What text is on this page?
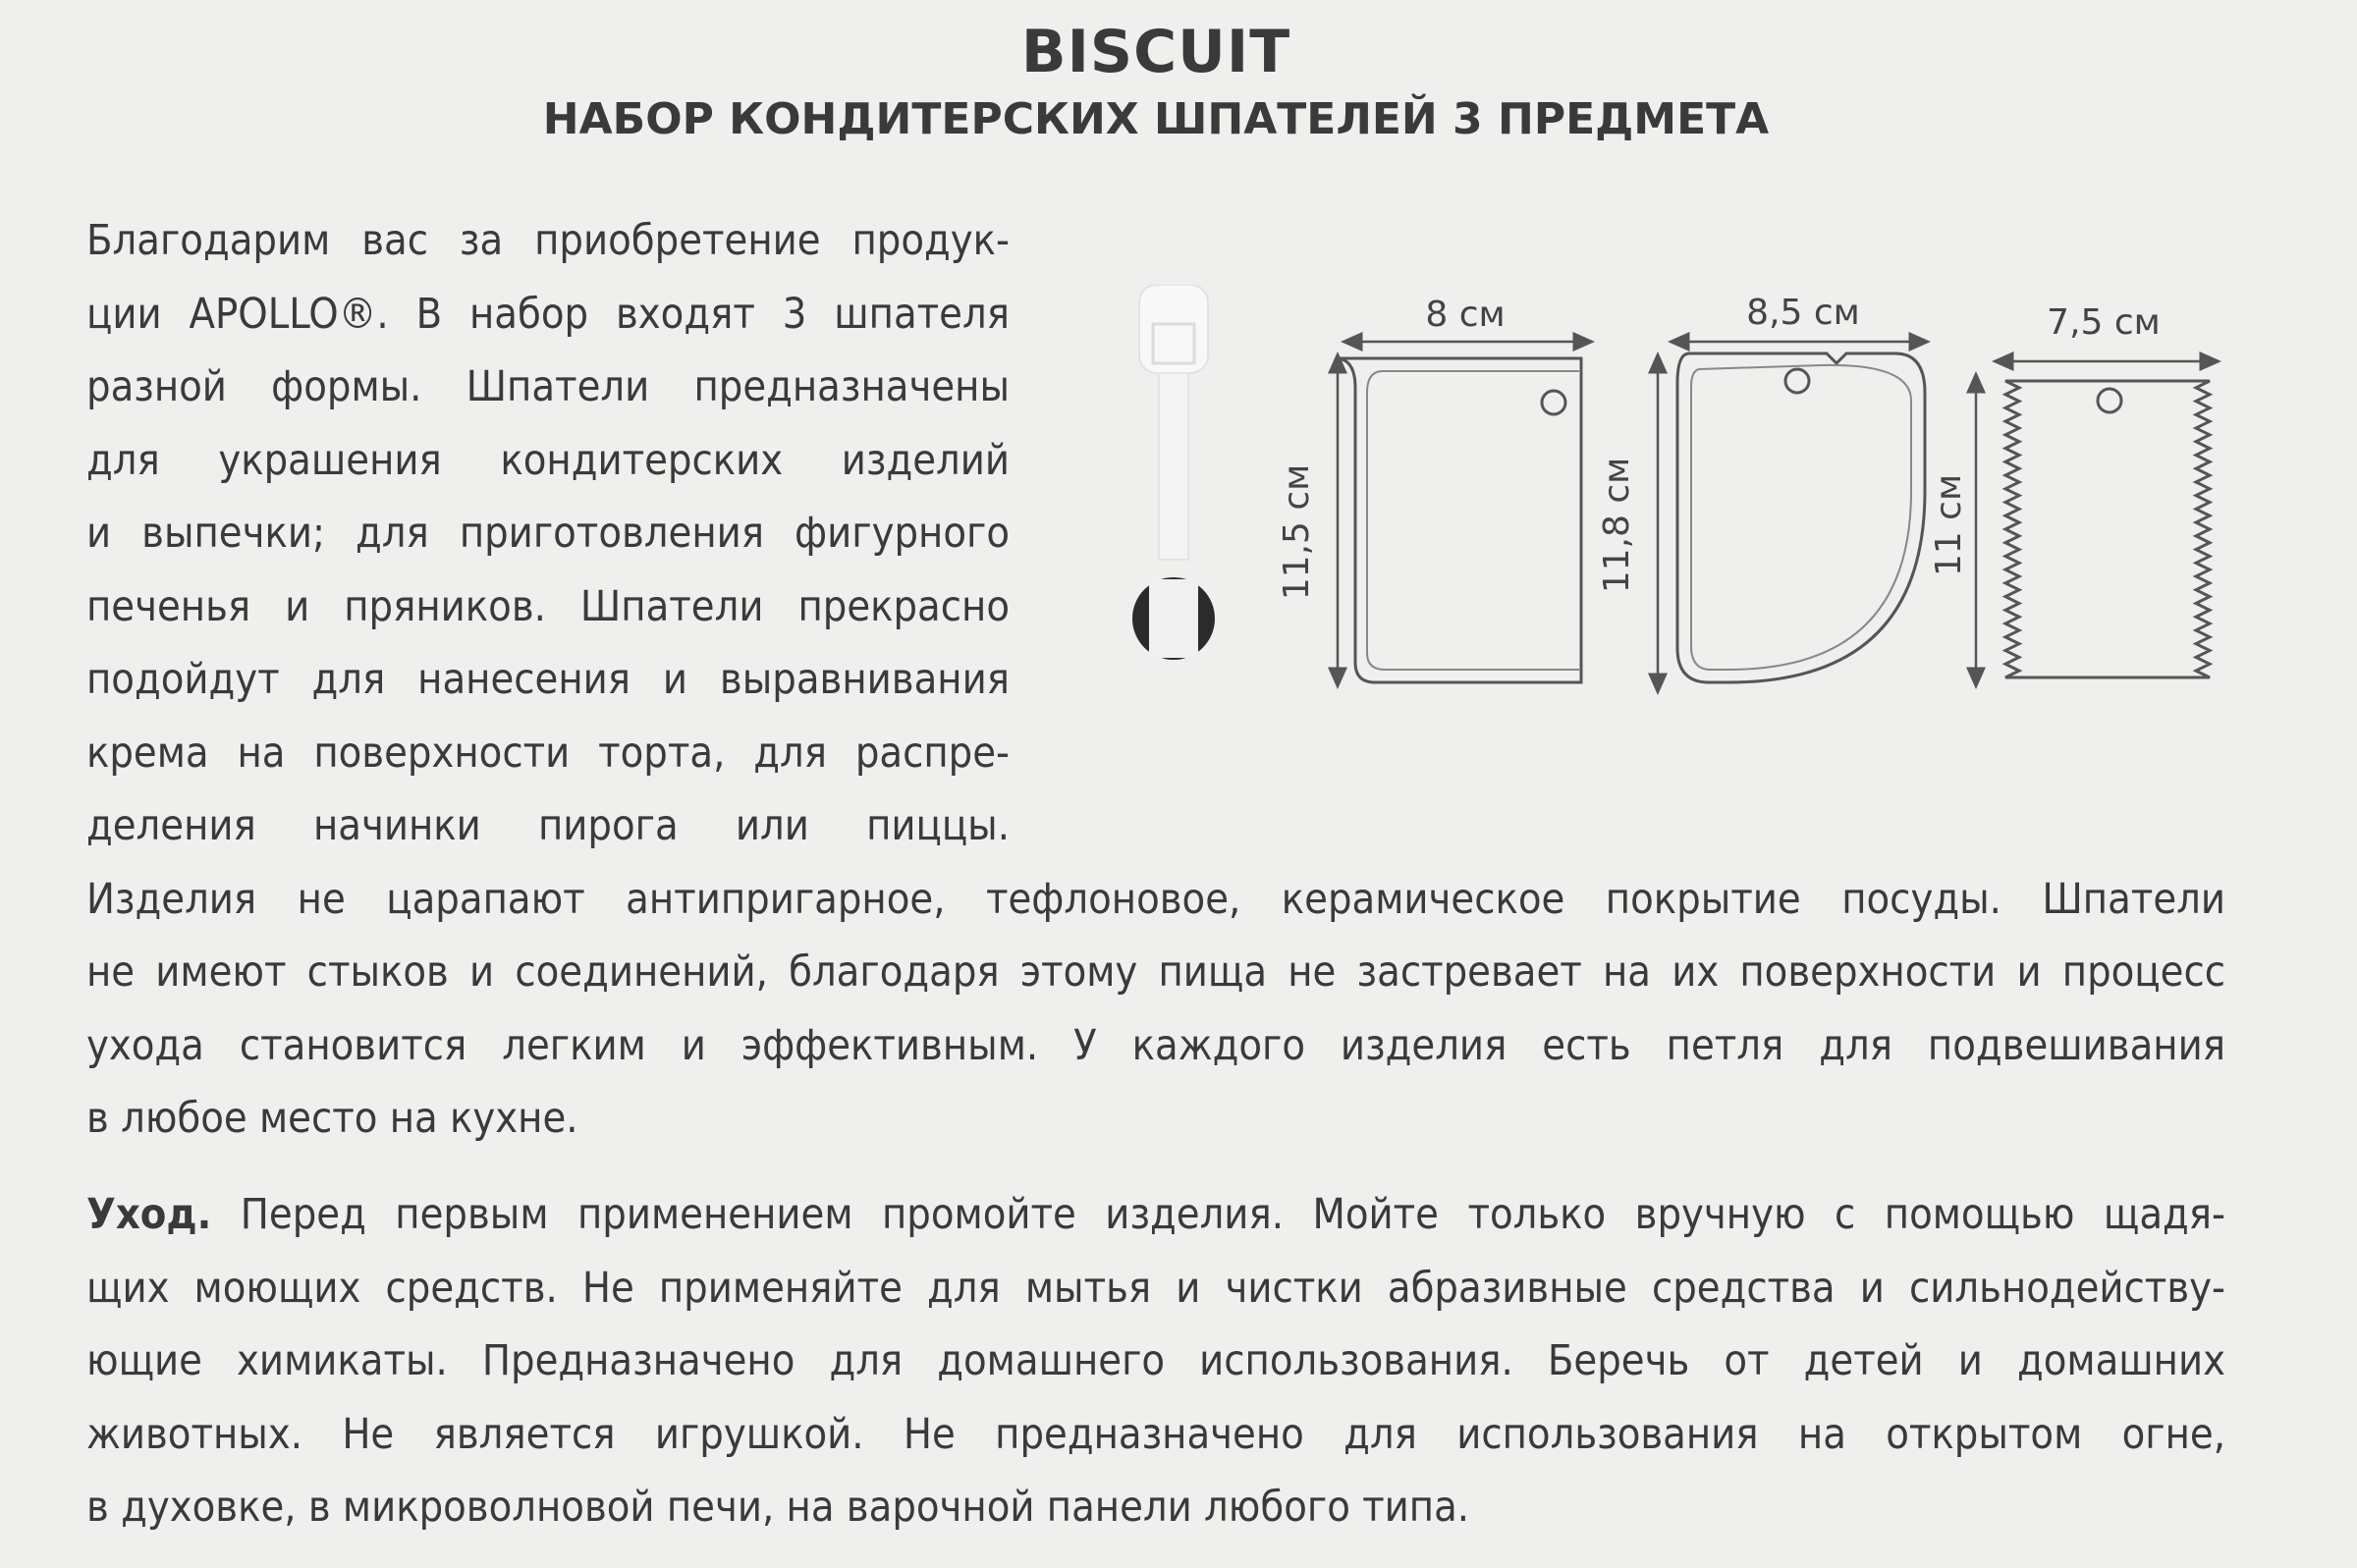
BISCUIT
НАБОР КОНДИТЕРСКИХ ШПАТЕЛЕЙ 3 ПРЕДМЕТА
Благодарим вас за приобретение продук-
ции APOLLO®. В набор входят 3 шпателя
разной формы. Шпатели предназначены
для украшения кондитерских изделий
и выпечки; для приготовления фигурного
печенья и пряников. Шпатели прекрасно
подойдут для нанесения и выравнивания
крема на поверхности торта, для распре-
деления начинки пирога или пиццы.
Изделия не царапают антипригарное, тефлоновое, керамическое покрытие посуды. Шпатели
не имеют стыков и соединений, благодаря этому пища не застревает на их поверхности и процесс
ухода становится легким и эффективным. У каждого изделия есть петля для подвешивания
в любое место на кухне.
Уход. Перед первым применением промойте изделия. Мойте только вручную с помощью щадя-
щих моющих средств. Не применяйте для мытья и чистки абразивные средства и сильнодейству-
ющие химикаты. Предназначено для домашнего использования. Беречь от детей и домашних
животных. Не является игрушкой. Не предназначено для использования на открытом огне,
в духовке, в микроволновой печи, на варочной панели любого типа.
8 см
11,5 см
8,5 см
11,8 см
7,5 см
11 см
